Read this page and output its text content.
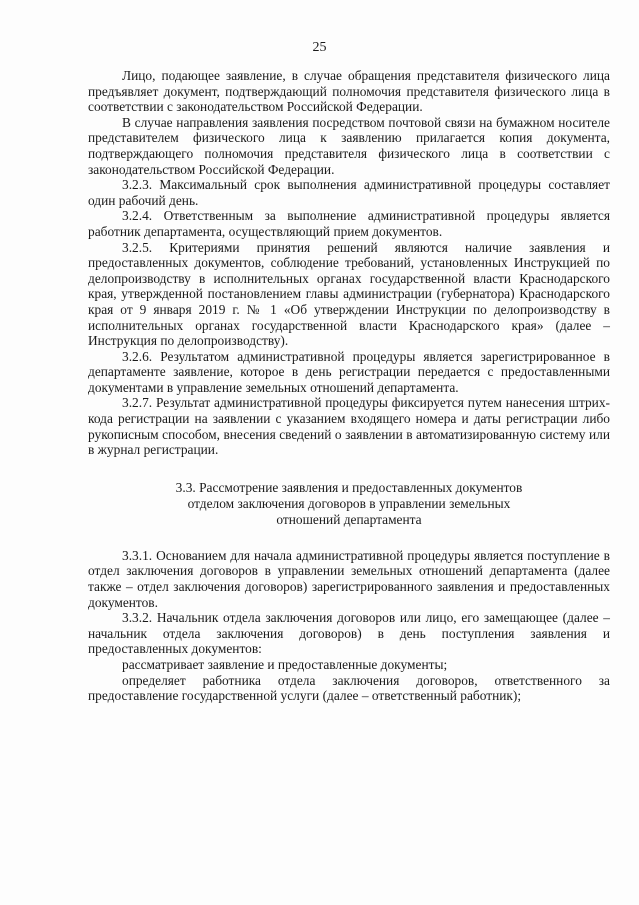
25

Лицо, подающее заявление, в случае обращения представителя физического лица предъявляет документ, подтверждающий полномочия представителя физического лица в соответствии с законодательством Российской Федерации.

В случае направления заявления посредством почтовой связи на бумажном носителе представителем физического лица к заявлению прилагается копия документа, подтверждающего полномочия представителя физического лица в соответствии с законодательством Российской Федерации.

3.2.3. Максимальный срок выполнения административной процедуры составляет один рабочий день.

3.2.4. Ответственным за выполнение административной процедуры является работник департамента, осуществляющий прием документов.

3.2.5. Критериями принятия решений являются наличие заявления и предоставленных документов, соблюдение требований, установленных Инструкцией по делопроизводству в исполнительных органах государственной власти Краснодарского края, утвержденной постановлением главы администрации (губернатора) Краснодарского края от 9 января 2019 г. № 1 «Об утверждении Инструкции по делопроизводству в исполнительных органах государственной власти Краснодарского края» (далее – Инструкция по делопроизводству).

3.2.6. Результатом административной процедуры является зарегистрированное в департаменте заявление, которое в день регистрации передается с предоставленными документами в управление земельных отношений департамента.

3.2.7. Результат административной процедуры фиксируется путем нанесения штрих-кода регистрации на заявлении с указанием входящего номера и даты регистрации либо рукописным способом, внесения сведений о заявлении в автоматизированную систему или в журнал регистрации.

3.3. Рассмотрение заявления и предоставленных документов
отделом заключения договоров в управлении земельных
отношений департамента

3.3.1. Основанием для начала административной процедуры является поступление в отдел заключения договоров в управлении земельных отношений департамента (далее также – отдел заключения договоров) зарегистрированного заявления и предоставленных документов.

3.3.2. Начальник отдела заключения договоров или лицо, его замещающее (далее – начальник отдела заключения договоров) в день поступления заявления и предоставленных документов:

рассматривает заявление и предоставленные документы;

определяет работника отдела заключения договоров, ответственного за предоставление государственной услуги (далее – ответственный работник);
